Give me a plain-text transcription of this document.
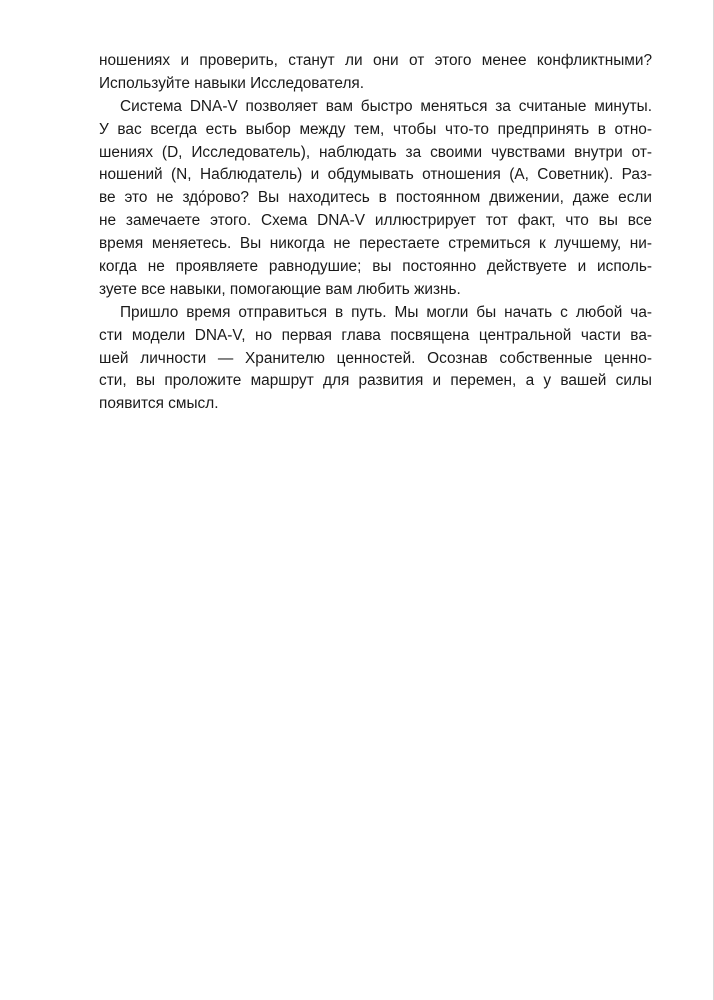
ношениях и проверить, станут ли они от этого менее конфликтными?
Используйте навыки Исследователя.
Система DNA-V позволяет вам быстро меняться за считаные минуты.
У вас всегда есть выбор между тем, чтобы что-то предпринять в отно-
шениях (D, Исследователь), наблюдать за своими чувствами внутри от-
ношений (N, Наблюдатель) и обдумывать отношения (A, Советник). Раз-
ве это не здо́рово? Вы находитесь в постоянном движении, даже если
не замечаете этого. Схема DNA-V иллюстрирует тот факт, что вы все
время меняетесь. Вы никогда не перестаете стремиться к лучшему, ни-
когда не проявляете равнодушие; вы постоянно действуете и исполь-
зуете все навыки, помогающие вам любить жизнь.
Пришло время отправиться в путь. Мы могли бы начать с любой ча-
сти модели DNA-V, но первая глава посвящена центральной части ва-
шей личности — Хранителю ценностей. Осознав собственные ценно-
сти, вы проложите маршрут для развития и перемен, а у вашей силы
появится смысл.
